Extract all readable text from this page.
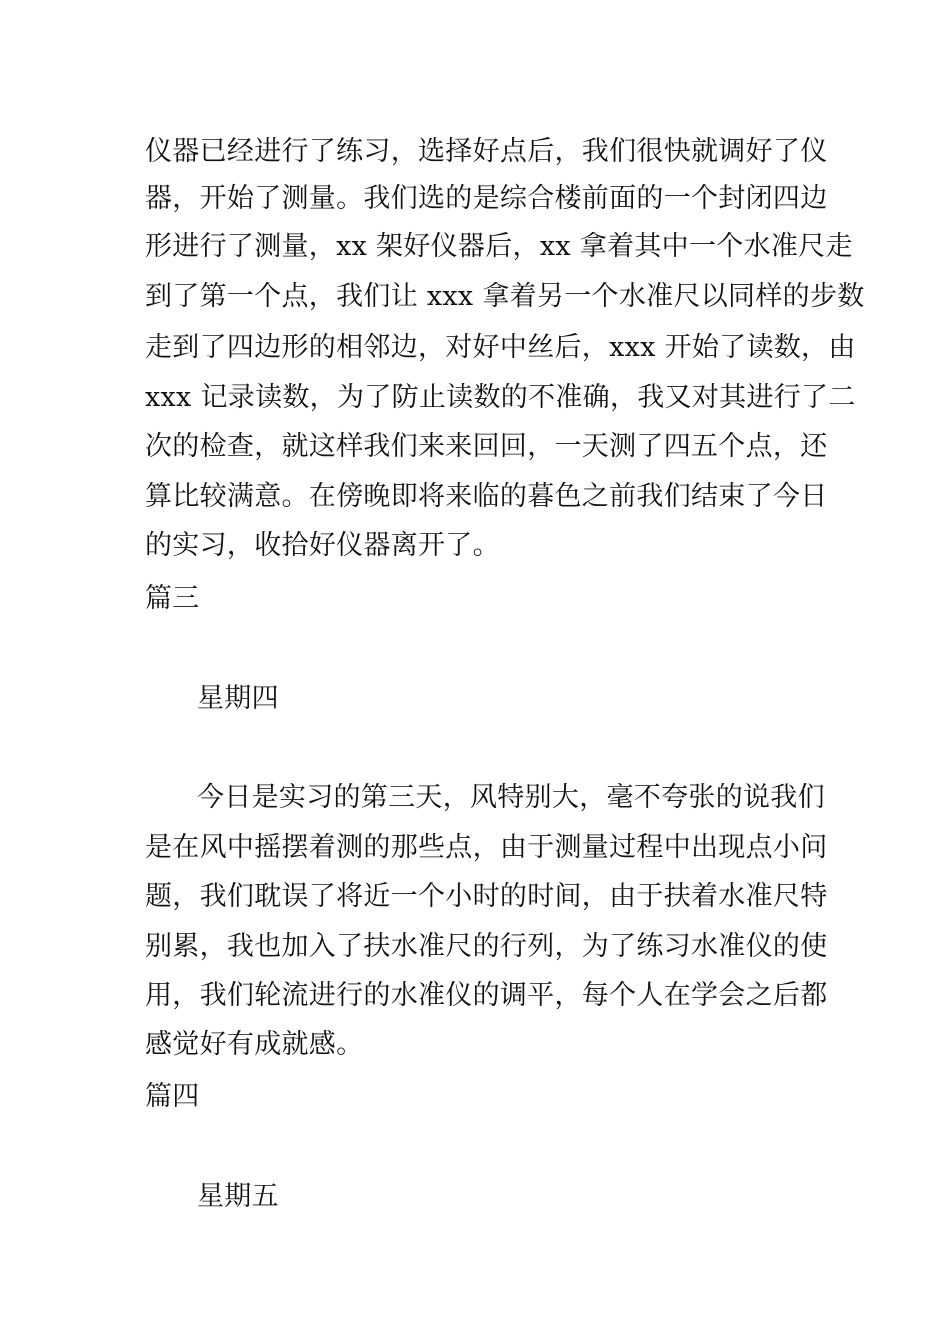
仪器已经进行了练习，选择好点后，我们很快就调好了仪
器，开始了测量。我们选的是综合楼前面的一个封闭四边
形进行了测量，xx 架好仪器后，xx 拿着其中一个水准尺走
到了第一个点，我们让 xxx 拿着另一个水准尺以同样的步数
走到了四边形的相邻边，对好中丝后，xxx 开始了读数，由
xxx 记录读数，为了防止读数的不准确，我又对其进行了二
次的检查，就这样我们来来回回，一天测了四五个点，还
算比较满意。在傍晚即将来临的暮色之前我们结束了今日
的实习，收拾好仪器离开了。
篇三
星期四
今日是实习的第三天，风特别大，毫不夸张的说我们
是在风中摇摆着测的那些点，由于测量过程中出现点小问
题，我们耽误了将近一个小时的时间，由于扶着水准尺特
别累，我也加入了扶水准尺的行列，为了练习水准仪的使
用，我们轮流进行的水准仪的调平，每个人在学会之后都
感觉好有成就感。
篇四
星期五
